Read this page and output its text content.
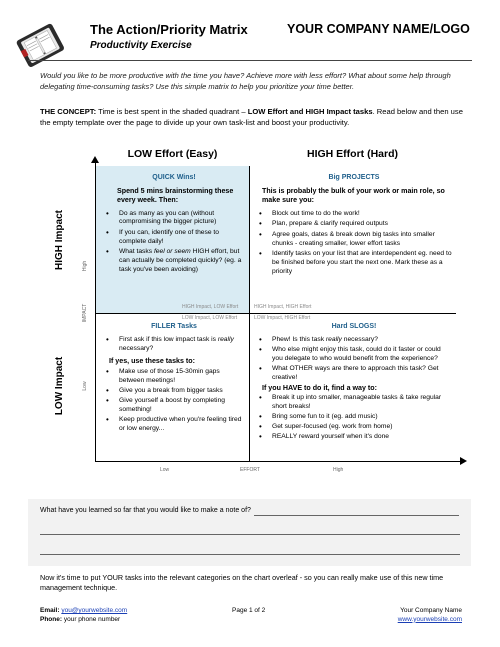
The Action/Priority Matrix
Productivity Exercise
YOUR COMPANY NAME/LOGO

Would you like to be more productive with the time you have? Achieve more with less effort? What about some help through delegating time-consuming tasks? Use this simple matrix to help you prioritize your time better.

THE CONCEPT: Time is best spent in the shaded quadrant – LOW Effort and HIGH Impact tasks. Read below and then use the empty template over the page to divide up your own task-list and boost your productivity.

LOW Effort (Easy)	HIGH Effort (Hard)
HIGH Impact
LOW Impact
High
IMPACT
Low
Low	EFFORT	High
QUICK Wins!
Spend 5 mins brainstorming these every week. Then:
• Do as many as you can (without compromising the bigger picture)
• If you can, identify one of these to complete daily!
• What tasks feel or seem HIGH effort, but can actually be completed quickly? (eg. a task you've been avoiding)
HIGH Impact, LOW Effort
Big PROJECTS
This is probably the bulk of your work or main role, so make sure you:
• Block out time to do the work!
• Plan, prepare & clarify required outputs
• Agree goals, dates & break down big tasks into smaller chunks - creating smaller, lower effort tasks
• Identify tasks on your list that are interdependent eg. need to be finished before you start the next one. Mark these as a priority
HIGH Impact, HIGH Effort
LOW Impact, LOW Effort
FILLER Tasks
• First ask if this low impact task is really necessary?
If yes, use these tasks to:
• Make use of those 15-30min gaps between meetings!
• Give you a break from bigger tasks
• Give yourself a boost by completing something!
• Keep productive when you're feeling tired or low energy...
LOW Impact, HIGH Effort
Hard SLOGS!
• Phew! Is this task really necessary?
• Who else might enjoy this task, could do it faster or could you delegate to who would benefit from the experience?
• What OTHER ways are there to approach this task? Get creative!
If you HAVE to do it, find a way to:
• Break it up into smaller, manageable tasks & take regular short breaks!
• Bring some fun to it (eg. add music)
• Get super-focused (eg. work from home)
• REALLY reward yourself when it's done
What have you learned so far that you would like to make a note of?

Now it's time to put YOUR tasks into the relevant categories on the chart overleaf - so you can really make use of this new time management technique.

Email: you@yourwebsite.com
Phone: your phone number
Page 1 of 2	Your Company Name
www.yourwebsite.com
